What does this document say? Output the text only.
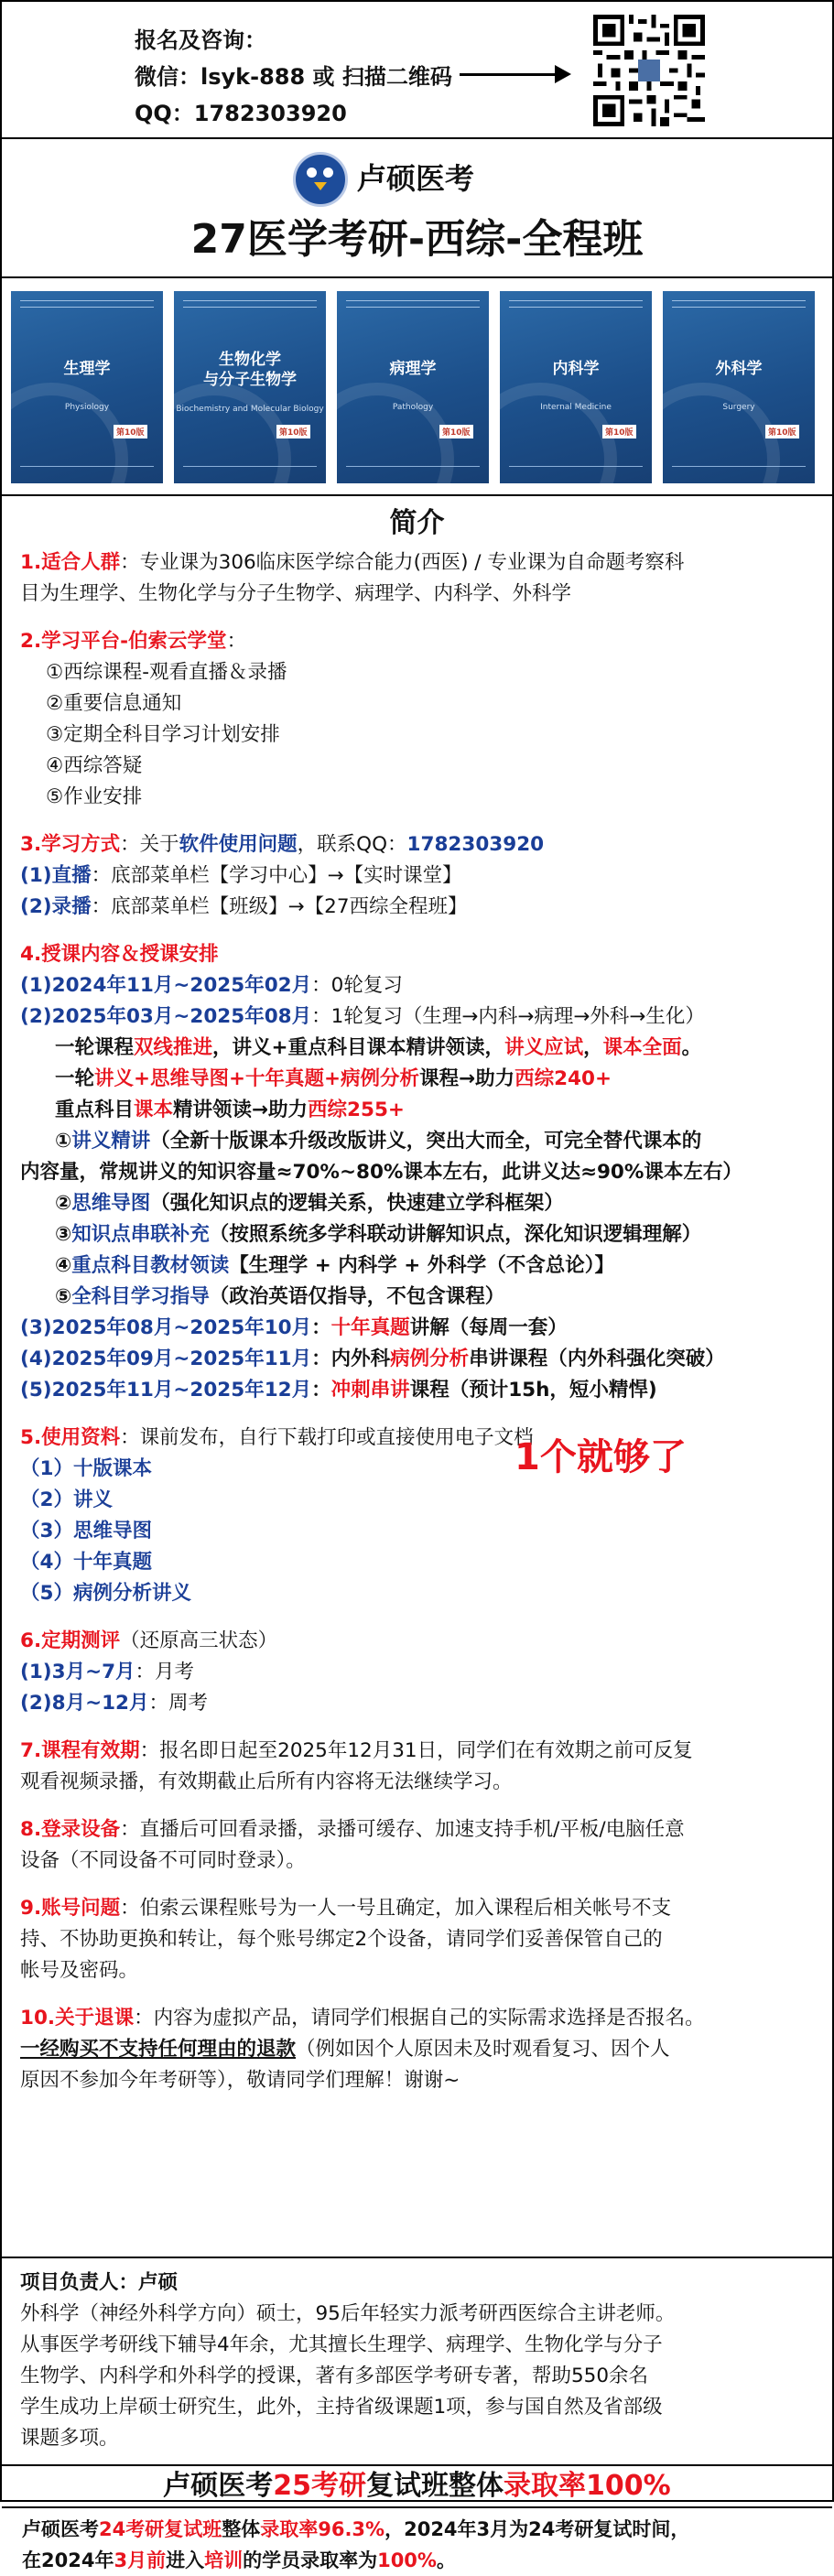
报名及咨询：
微信：lsyk-888 或 扫描二维码
QQ：1782303920
卢硕医考
27医学考研-西综-全程班
生理学
Physiology
第10版
生物化学
与分子生物学
Biochemistry and Molecular Biology
第10版
病理学
Pathology
第10版
内科学
Internal Medicine
第10版
外科学
Surgery
第10版
简介
1.适合人群：专业课为306临床医学综合能力(西医) / 专业课为自命题考察科
目为生理学、生物化学与分子生物学、病理学、内科学、外科学
2.学习平台-伯索云学堂：
①西综课程-观看直播＆录播
②重要信息通知
③定期全科目学习计划安排
④西综答疑
⑤作业安排
3.学习方式：关于软件使用问题，联系QQ：1782303920
(1)直播：底部菜单栏【学习中心】→【实时课堂】
(2)录播：底部菜单栏【班级】→【27西综全程班】
4.授课内容＆授课安排
(1)2024年11月~2025年02月：0轮复习
(2)2025年03月~2025年08月：1轮复习（生理→内科→病理→外科→生化）
一轮课程双线推进，讲义+重点科目课本精讲领读，讲义应试，课本全面。
一轮讲义+思维导图+十年真题+病例分析课程→助力西综240+
重点科目课本精讲领读→助力西综255+
①讲义精讲（全新十版课本升级改版讲义，突出大而全，可完全替代课本的
内容量，常规讲义的知识容量≈70%~80%课本左右，此讲义达≈90%课本左右）
②思维导图（强化知识点的逻辑关系，快速建立学科框架）
③知识点串联补充（按照系统多学科联动讲解知识点，深化知识逻辑理解）
④重点科目教材领读【生理学 + 内科学 + 外科学（不含总论）】
⑤全科目学习指导（政治英语仅指导，不包含课程）
(3)2025年08月~2025年10月：十年真题讲解（每周一套）
(4)2025年09月~2025年11月：内外科病例分析串讲课程（内外科强化突破）
(5)2025年11月~2025年12月：冲刺串讲课程（预计15h，短小精悍)
5.使用资料：课前发布，自行下载打印或直接使用电子文档
（1）十版课本
（2）讲义
（3）思维导图
（4）十年真题
（5）病例分析讲义
6.定期测评（还原高三状态）
(1)3月~7月：月考
(2)8月~12月：周考
7.课程有效期：报名即日起至2025年12月31日，同学们在有效期之前可反复
观看视频录播，有效期截止后所有内容将无法继续学习。
8.登录设备：直播后可回看录播，录播可缓存、加速支持手机/平板/电脑任意
设备（不同设备不可同时登录）。
9.账号问题：伯索云课程账号为一人一号且确定，加入课程后相关帐号不支
持、不协助更换和转让，每个账号绑定2个设备，请同学们妥善保管自己的
帐号及密码。
10.关于退课：内容为虚拟产品，请同学们根据自己的实际需求选择是否报名。
一经购买不支持任何理由的退款（例如因个人原因未及时观看复习、因个人
原因不参加今年考研等），敬请同学们理解！谢谢~
1个就够了
项目负责人：卢硕
外科学（神经外科学方向）硕士，95后年轻实力派考研西医综合主讲老师。
从事医学考研线下辅导4年余，尤其擅长生理学、病理学、生物化学与分子
生物学、内科学和外科学的授课，著有多部医学考研专著，帮助550余名
学生成功上岸硕士研究生，此外，主持省级课题1项，参与国自然及省部级
课题多项。
卢硕医考25考研复试班整体录取率100%
卢硕医考24考研复试班整体录取率96.3%，2024年3月为24考研复试时间，
在2024年3月前进入培训的学员录取率为100%。
